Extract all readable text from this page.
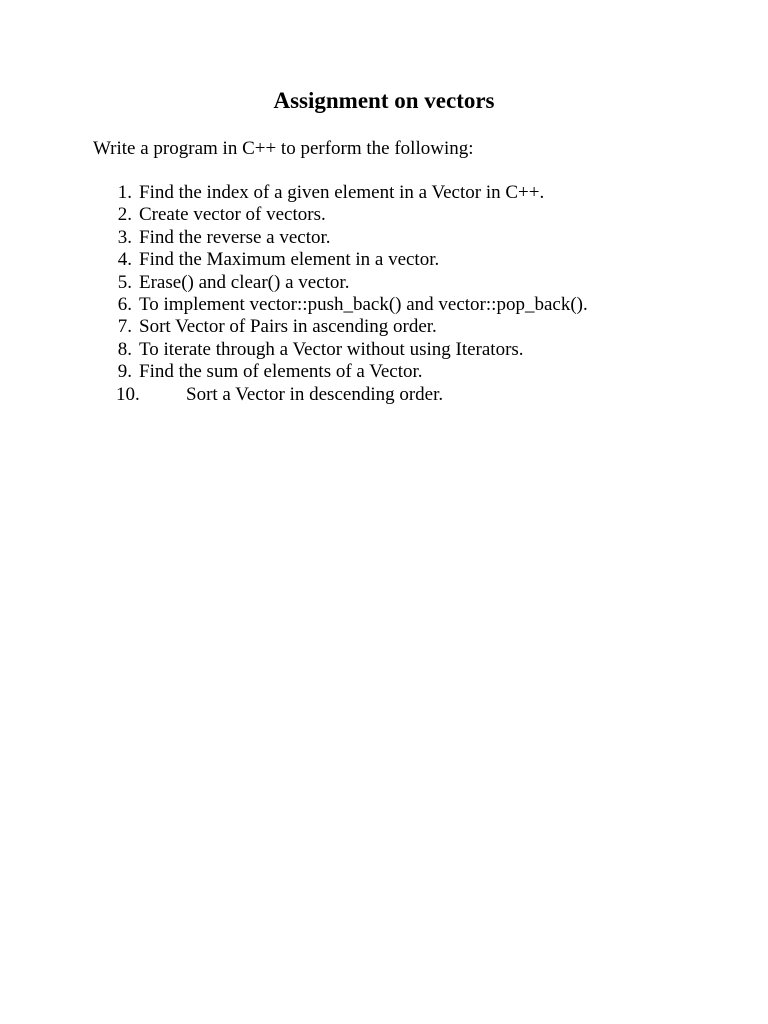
Assignment on vectors

Write a program in C++ to perform the following:

1. Find the index of a given element in a Vector in C++.
2. Create vector of vectors.
3. Find the reverse a vector.
4. Find the Maximum element in a vector.
5. Erase() and clear() a vector.
6. To implement vector::push_back() and vector::pop_back().
7. Sort Vector of Pairs in ascending order.
8. To iterate through a Vector without using Iterators.
9. Find the sum of elements of a Vector.
10. Sort a Vector in descending order.
